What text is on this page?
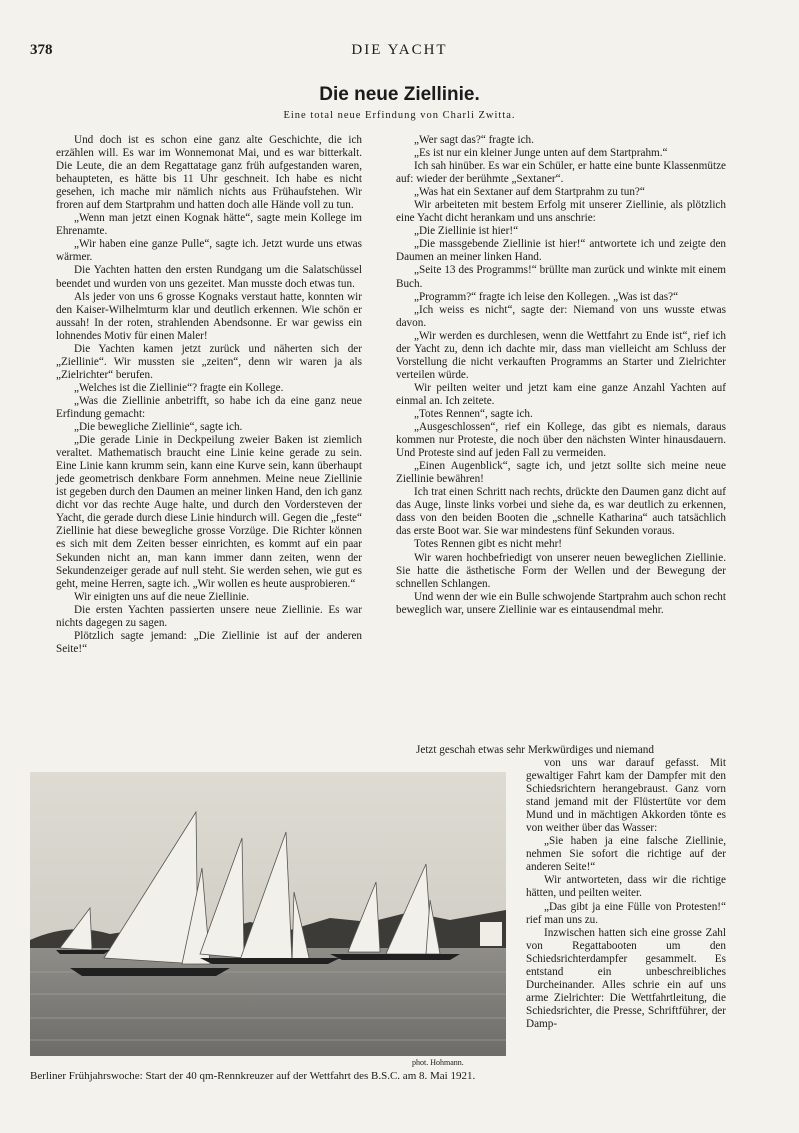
378	DIE YACHT
Die neue Ziellinie.
Eine total neue Erfindung von Charli Zwitta.

Und doch ist es schon eine ganz alte Geschichte, die ich erzählen will. Es war im Wonnemonat Mai, und es war bitterkalt. Die Leute, die an dem Regattatage ganz früh aufgestanden waren, behaupteten, es hätte bis 11 Uhr geschneit. Ich habe es nicht gesehen, ich mache mir nämlich nichts aus Frühaufstehen. Wir froren auf dem Startprahm und hatten doch alle Hände voll zu tun.

„Wenn man jetzt einen Kognak hätte“, sagte mein Kollege im Ehrenamte.

„Wir haben eine ganze Pulle“, sagte ich. Jetzt wurde uns etwas wärmer.

Die Yachten hatten den ersten Rundgang um die Salatschüssel beendet und wurden von uns gezeitet. Man musste doch etwas tun.

Als jeder von uns 6 grosse Kognaks verstaut hatte, konnten wir den Kaiser-Wilhelmturm klar und deutlich erkennen. Wie schön er aussah! In der roten, strahlenden Abendsonne. Er war gewiss ein lohnendes Motiv für einen Maler!

Die Yachten kamen jetzt zurück und näherten sich der „Ziellinie“. Wir mussten sie „zeiten“, denn wir waren ja als „Zielrichter“ berufen.

„Welches ist die Ziellinie“? fragte ein Kollege.

„Was die Ziellinie anbetrifft, so habe ich da eine ganz neue Erfindung gemacht:

„Die bewegliche Ziellinie“, sagte ich.

„Die gerade Linie in Deckpeilung zweier Baken ist ziemlich veraltet. Mathematisch braucht eine Linie keine gerade zu sein. Eine Linie kann krumm sein, kann eine Kurve sein, kann überhaupt jede geometrisch denkbare Form annehmen. Meine neue Ziellinie ist gegeben durch den Daumen an meiner linken Hand, den ich ganz dicht vor das rechte Auge halte, und durch den Vordersteven der Yacht, die gerade durch diese Linie hindurch will. Gegen die „feste“ Ziellinie hat diese bewegliche grosse Vorzüge. Die Richter können es sich mit dem Zeiten besser einrichten, es kommt auf ein paar Sekunden nicht an, man kann immer dann zeiten, wenn der Sekundenzeiger gerade auf null steht. Sie werden sehen, wie gut es geht, meine Herren, sagte ich. „Wir wollen es heute ausprobieren.“

Wir einigten uns auf die neue Ziellinie.

Die ersten Yachten passierten unsere neue Ziellinie. Es war nichts dagegen zu sagen.

Plötzlich sagte jemand: „Die Ziellinie ist auf der anderen Seite!“

„Wer sagt das?“ fragte ich.

„Es ist nur ein kleiner Junge unten auf dem Startprahm.“

Ich sah hinüber. Es war ein Schüler, er hatte eine bunte Klassenmütze auf: wieder der berühmte „Sextaner“.

„Was hat ein Sextaner auf dem Startprahm zu tun?“

Wir arbeiteten mit bestem Erfolg mit unserer Ziellinie, als plötzlich eine Yacht dicht herankam und uns anschrie:

„Die Ziellinie ist hier!“

„Die massgebende Ziellinie ist hier!“ antwortete ich und zeigte den Daumen an meiner linken Hand.

„Seite 13 des Programms!“ brüllte man zurück und winkte mit einem Buch.

„Programm?“ fragte ich leise den Kollegen. „Was ist das?“

„Ich weiss es nicht“, sagte der: Niemand von uns wusste etwas davon.

„Wir werden es durchlesen, wenn die Wettfahrt zu Ende ist“, rief ich der Yacht zu, denn ich dachte mir, dass man vielleicht am Schluss der Vorstellung die nicht verkauften Programms an Starter und Zielrichter verteilen würde.

Wir peilten weiter und jetzt kam eine ganze Anzahl Yachten auf einmal an. Ich zeitete.

„Totes Rennen“, sagte ich.

„Ausgeschlossen“, rief ein Kollege, das gibt es niemals, daraus kommen nur Proteste, die noch über den nächsten Winter hinausdauern. Und Proteste sind auf jeden Fall zu vermeiden.

„Einen Augenblick“, sagte ich, und jetzt sollte sich meine neue Ziellinie bewähren!

Ich trat einen Schritt nach rechts, drückte den Daumen ganz dicht auf das Auge, linste links vorbei und siehe da, es war deutlich zu erkennen, dass von den beiden Booten die „schnelle Katharina“ auch tatsächlich das erste Boot war. Sie war mindestens fünf Sekunden voraus.

Totes Rennen gibt es nicht mehr!

Wir waren hochbefriedigt von unserer neuen beweglichen Ziellinie. Sie hatte die ästhetische Form der Wellen und der Bewegung der schnellen Schlangen.

Und wenn der wie ein Bulle schwojende Startprahm auch schon recht beweglich war, unsere Ziellinie war es eintausendmal mehr.

Jetzt geschah etwas sehr Merkwürdiges und niemand

von uns war darauf gefasst. Mit gewaltiger Fahrt kam der Dampfer mit den Schiedsrichtern herangebraust. Ganz vorn stand jemand mit der Flüstertüte vor dem Mund und in mächtigen Akkorden tönte es von weither über das Wasser:

„Sie haben ja eine falsche Ziellinie, nehmen Sie sofort die richtige auf der anderen Seite!“

Wir antworteten, dass wir die richtige hätten, und peilten weiter.

„Das gibt ja eine Fülle von Protesten!“ rief man uns zu.

Inzwischen hatten sich eine grosse Zahl von Regattabooten um den Schiedsrichterdampfer gesammelt. Es entstand ein unbeschreibliches Durcheinander. Alles schrie ein auf uns arme Zielrichter: Die Wettfahrtleitung, die Schiedsrichter, die Presse, Schriftführer, der Damp-

phot. Hohmann.
Berliner Frühjahrswoche: Start der 40 qm-Rennkreuzer auf der Wettfahrt des B.S.C. am 8. Mai 1921.
